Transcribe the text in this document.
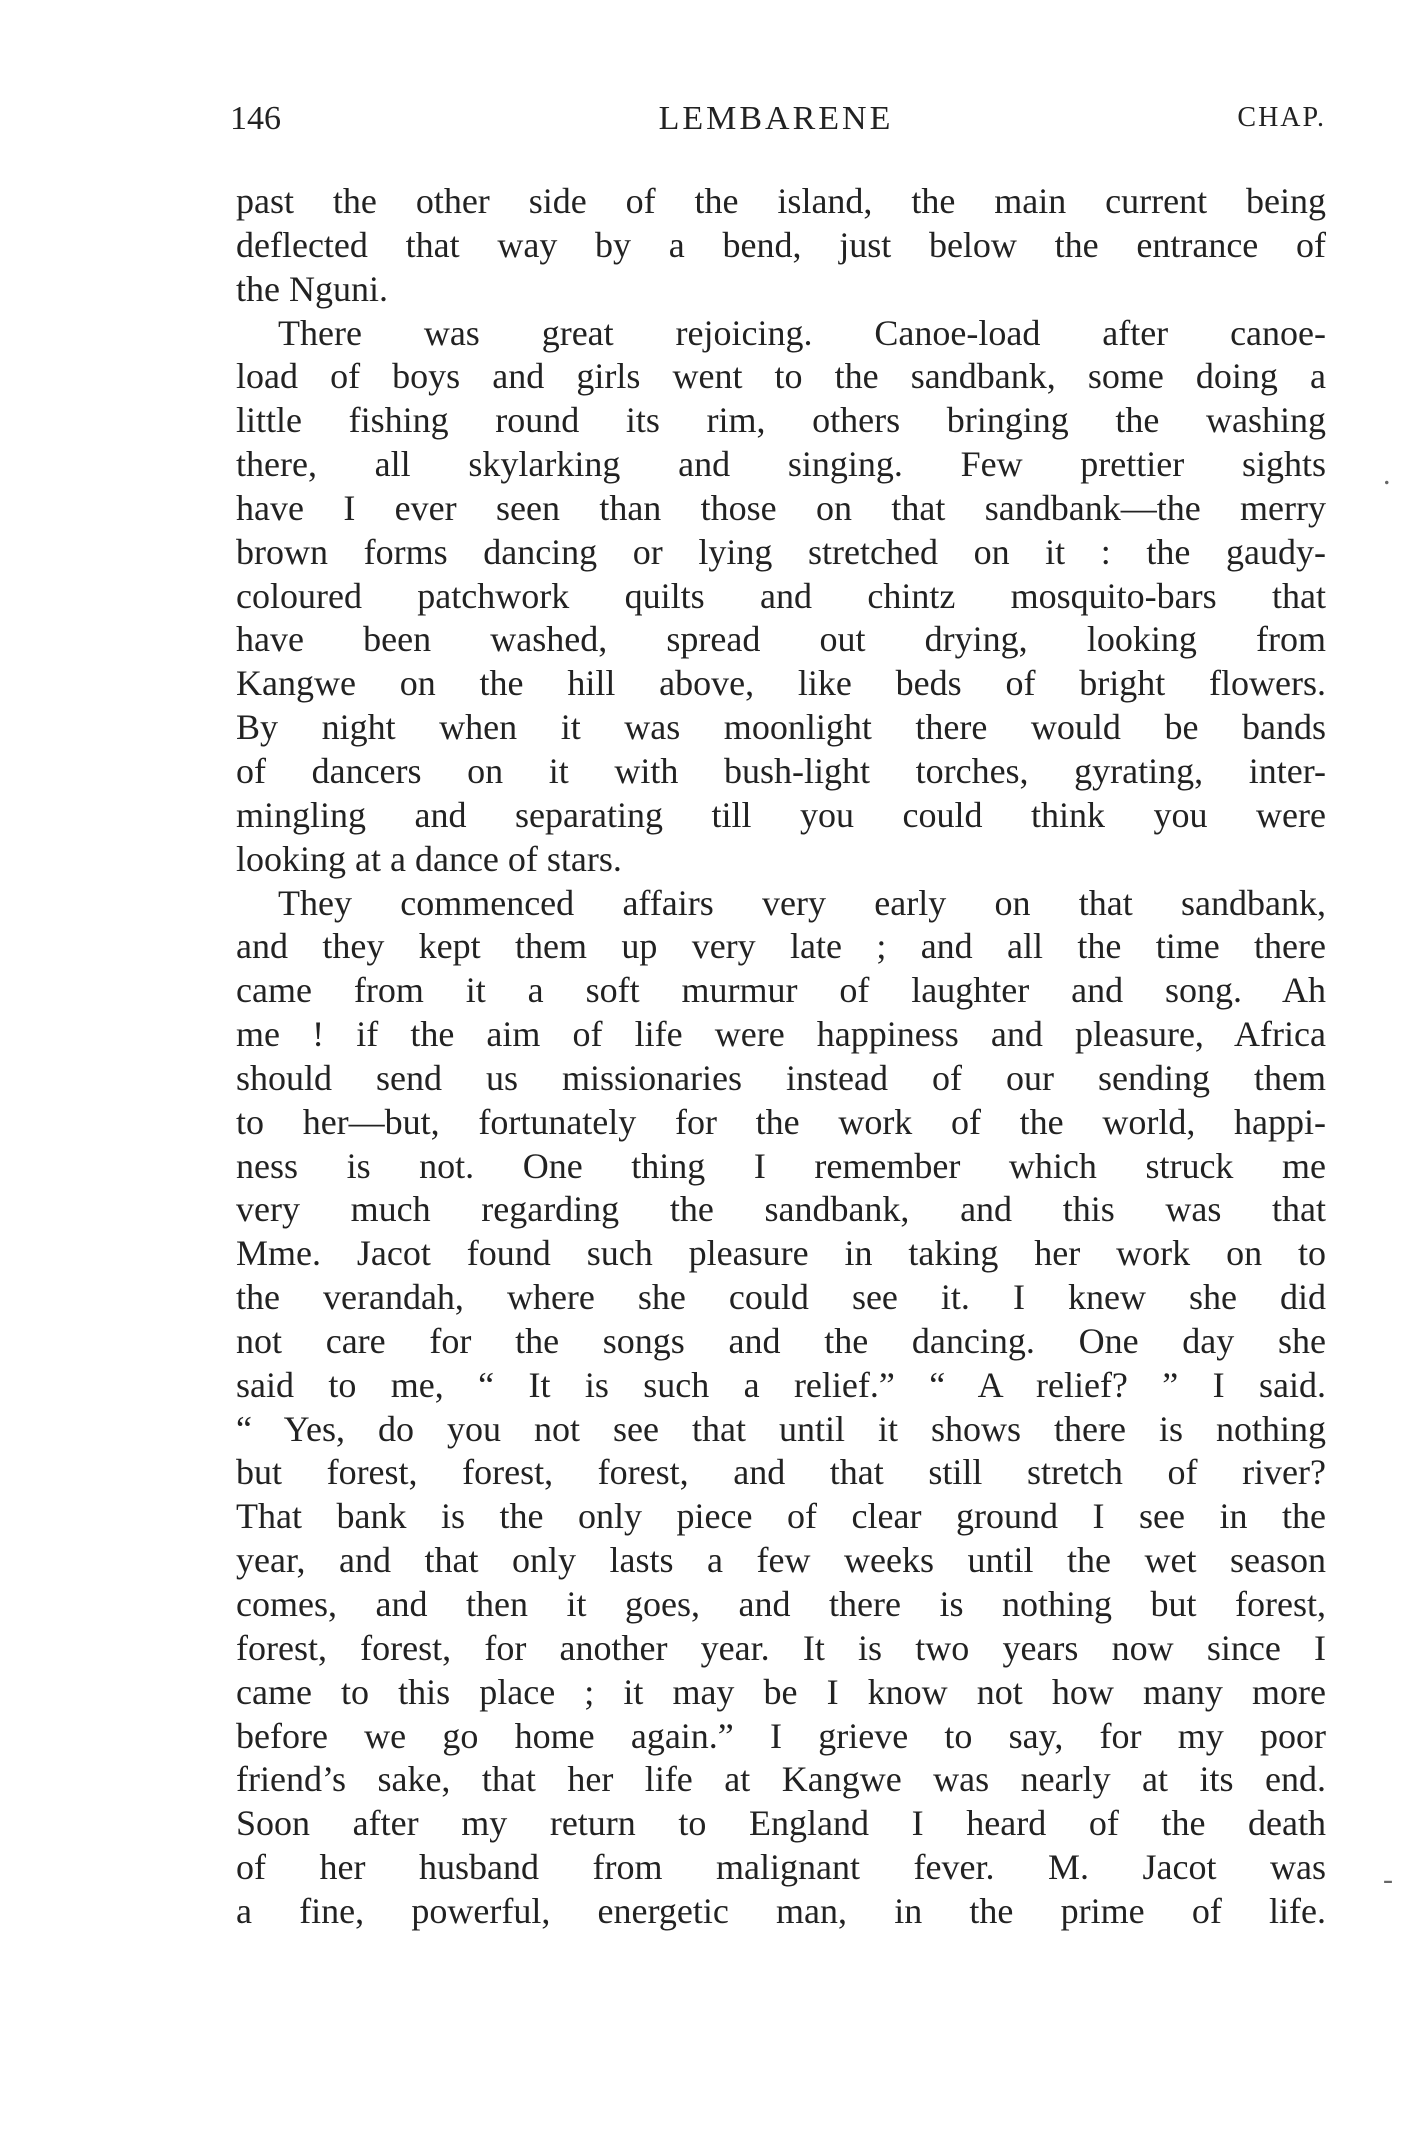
146	LEMBARENE	CHAP.
past the other side of the island, the main current being
deflected that way by a bend, just below the entrance of
the Nguni.
There was great rejoicing. Canoe-load after canoe-
load of boys and girls went to the sandbank, some doing a
little fishing round its rim, others bringing the washing
there, all skylarking and singing. Few prettier sights
have I ever seen than those on that sandbank—the merry
brown forms dancing or lying stretched on it : the gaudy-
coloured patchwork quilts and chintz mosquito-bars that
have been washed, spread out drying, looking from
Kangwe on the hill above, like beds of bright flowers.
By night when it was moonlight there would be bands
of dancers on it with bush-light torches, gyrating, inter-
mingling and separating till you could think you were
looking at a dance of stars.
They commenced affairs very early on that sandbank,
and they kept them up very late ; and all the time there
came from it a soft murmur of laughter and song. Ah
me ! if the aim of life were happiness and pleasure, Africa
should send us missionaries instead of our sending them
to her—but, fortunately for the work of the world, happi-
ness is not. One thing I remember which struck me
very much regarding the sandbank, and this was that
Mme. Jacot found such pleasure in taking her work on to
the verandah, where she could see it. I knew she did
not care for the songs and the dancing. One day she
said to me, “ It is such a relief.” “ A relief? ” I said.
“ Yes, do you not see that until it shows there is nothing
but forest, forest, forest, and that still stretch of river?
That bank is the only piece of clear ground I see in the
year, and that only lasts a few weeks until the wet season
comes, and then it goes, and there is nothing but forest,
forest, forest, for another year. It is two years now since I
came to this place ; it may be I know not how many more
before we go home again.” I grieve to say, for my poor
friend’s sake, that her life at Kangwe was nearly at its end.
Soon after my return to England I heard of the death
of her husband from malignant fever. M. Jacot was
a fine, powerful, energetic man, in the prime of life.
.
-
